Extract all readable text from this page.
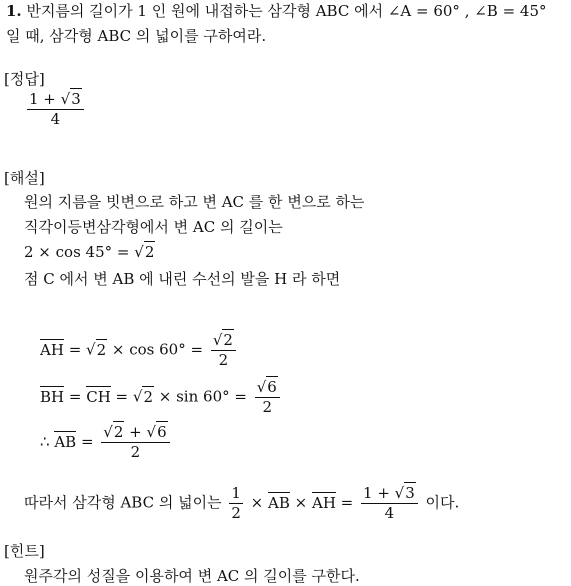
1. 반지름의 길이가 1 인 원에 내접하는 삼각형 ABC 에서 ∠A = 60° , ∠B = 45°
일 때, 삼각형 ABC 의 넓이를 구하여라.
[정답]
$\frac{1 + √3}{4}$
[해설]
원의 지름을 빗변으로 하고 변 AC 를 한 변으로 하는
직각이등변삼각형에서 변 AC 의 길이는
2 × cos 45° = √2
점 C 에서 변 AB 에 내린 수선의 발을 H 라 하면
AH = $√2 \times \cos 60^\circ = \frac{√2}{2}$
BH = CH = $√2 \times \sin 60^\circ = \frac{√6}{2}$
∴ AB = $\frac{√2 + √6}{2}$
따라서 삼각형 ABC 의 넓이는 $\frac{1}{2}$ × AB × AH = $\frac{1 + √3}{4}$ 이다.
[힌트]
원주각의 성질을 이용하여 변 AC 의 길이를 구한다.
